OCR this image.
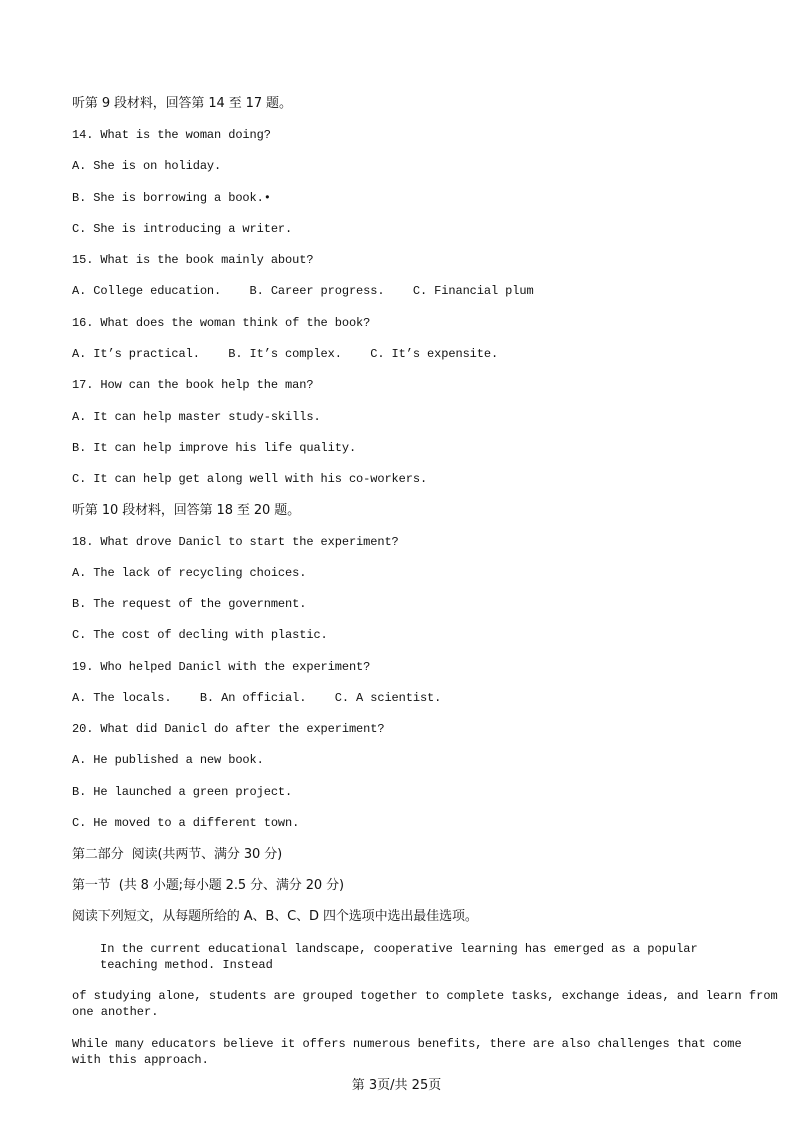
听第 9 段材料，回答第 14 至 17 题。
14. What is the woman doing?
A. She is on holiday.
B. She is borrowing a book.•
C. She is introducing a writer.
15. What is the book mainly about?
A. College education.    B. Career progress.    C. Financial plum
16. What does the woman think of the book?
A. It’s practical.    B. It’s complex.    C. It’s expensite.
17. How can the book help the man?
A. It can help master study-skills.
B. It can help improve his life quality.
C. It can help get along well with his co-workers.
听第 10 段材料，回答第 18 至 20 题。
18. What drove Danicl to start the experiment?
A. The lack of recycling choices.
B. The request of the government.
C. The cost of decling with plastic.
19. Who helped Danicl with the experiment?
A. The locals.    B. An official.    C. A scientist.
20. What did Danicl do after the experiment?
A. He published a new book.
B. He launched a green project.
C. He moved to a different town.
第二部分  阅读(共两节、满分 30 分)
第一节  (共 8 小题;每小题 2.5 分、满分 20 分)
阅读下列短文，从每题所给的 A、B、C、D 四个选项中选出最佳选项。
In the current educational landscape, cooperative learning has emerged as a popular teaching method. Instead
of studying alone, students are grouped together to complete tasks, exchange ideas, and learn from one another.
While many educators believe it offers numerous benefits, there are also challenges that come with this approach.
第 3页/共 25页
